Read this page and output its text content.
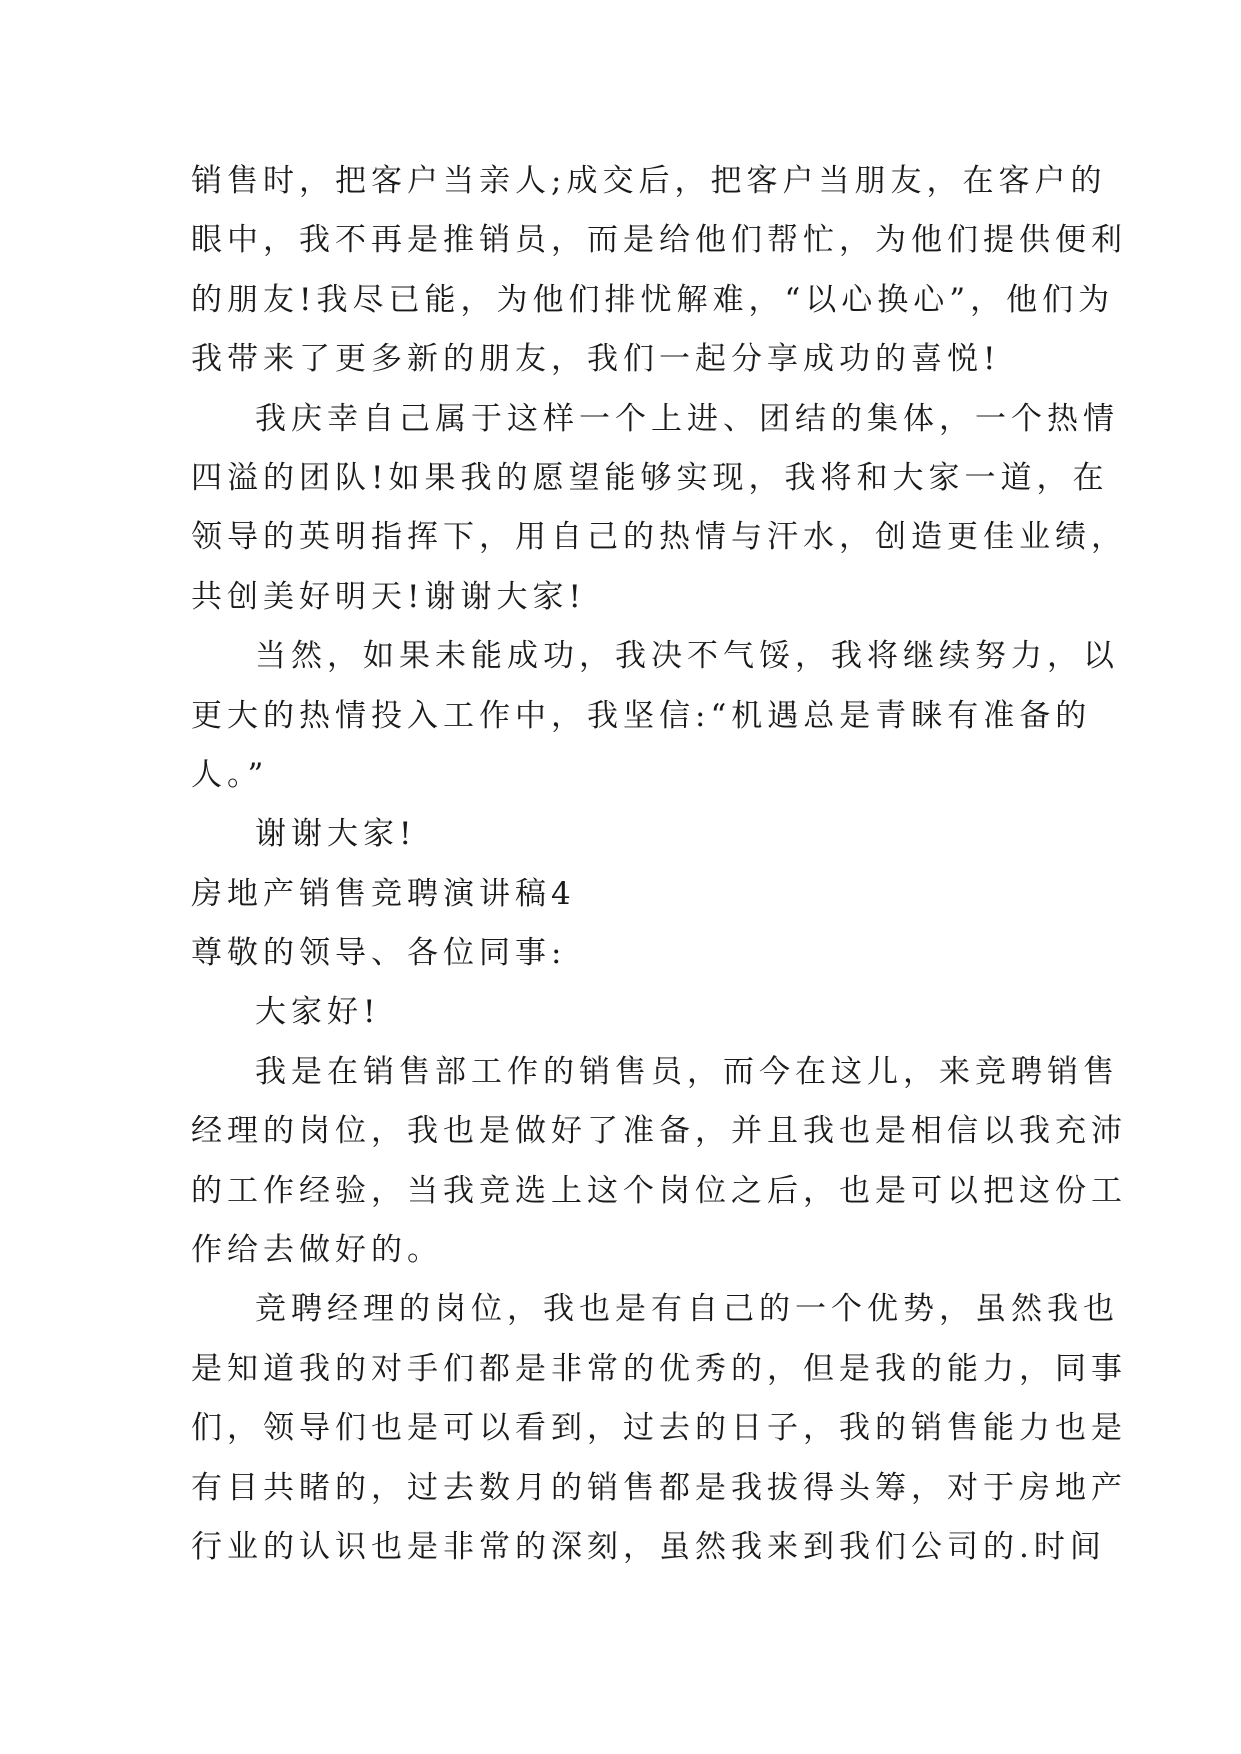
销售时，把客户当亲人;成交后，把客户当朋友，在客户的
眼中，我不再是推销员，而是给他们帮忙，为他们提供便利
的朋友!我尽已能，为他们排忧解难，“以心换心”，他们为
我带来了更多新的朋友，我们一起分享成功的喜悦!
我庆幸自己属于这样一个上进、团结的集体，一个热情
四溢的团队!如果我的愿望能够实现，我将和大家一道，在
领导的英明指挥下，用自己的热情与汗水，创造更佳业绩，
共创美好明天!谢谢大家!
当然，如果未能成功，我决不气馁，我将继续努力，以
更大的热情投入工作中，我坚信:“机遇总是青睐有准备的
人。”
谢谢大家!
房地产销售竞聘演讲稿4
尊敬的领导、各位同事:
大家好!
我是在销售部工作的销售员，而今在这儿，来竞聘销售
经理的岗位，我也是做好了准备，并且我也是相信以我充沛
的工作经验，当我竞选上这个岗位之后，也是可以把这份工
作给去做好的。
竞聘经理的岗位，我也是有自己的一个优势，虽然我也
是知道我的对手们都是非常的优秀的，但是我的能力，同事
们，领导们也是可以看到，过去的日子，我的销售能力也是
有目共睹的，过去数月的销售都是我拔得头筹，对于房地产
行业的认识也是非常的深刻，虽然我来到我们公司的.时间
